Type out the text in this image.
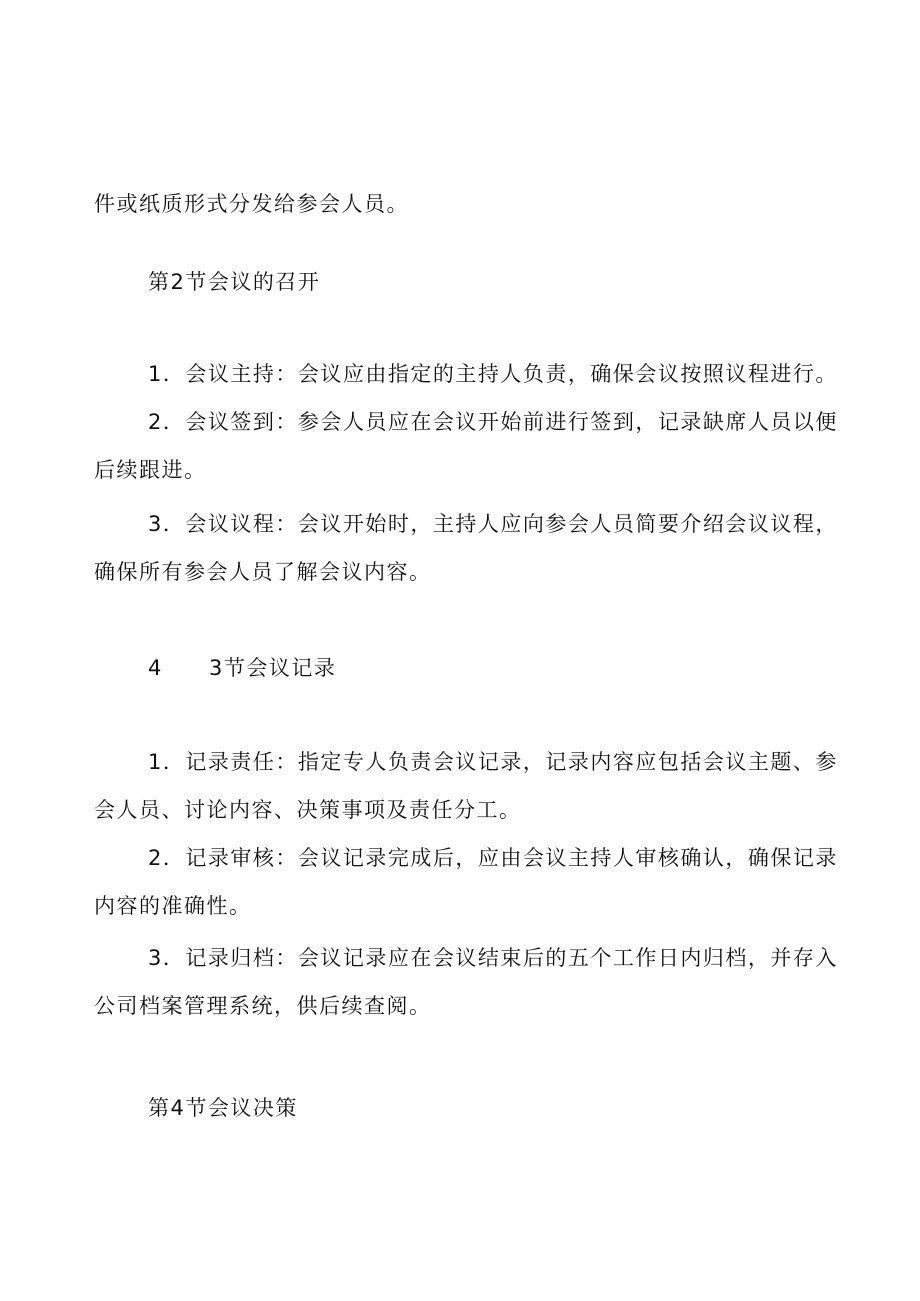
件或纸质形式分发给参会人员。
第2节会议的召开
1．会议主持：会议应由指定的主持人负责，确保会议按照议程进行。
2．会议签到：参会人员应在会议开始前进行签到，记录缺席人员以便
后续跟进。
3．会议议程：会议开始时，主持人应向参会人员简要介绍会议议程，
确保所有参会人员了解会议内容。
4 3节会议记录
1．记录责任：指定专人负责会议记录，记录内容应包括会议主题、参
会人员、讨论内容、决策事项及责任分工。
2．记录审核：会议记录完成后，应由会议主持人审核确认，确保记录
内容的准确性。
3．记录归档：会议记录应在会议结束后的五个工作日内归档，并存入
公司档案管理系统，供后续查阅。
第4节会议决策
